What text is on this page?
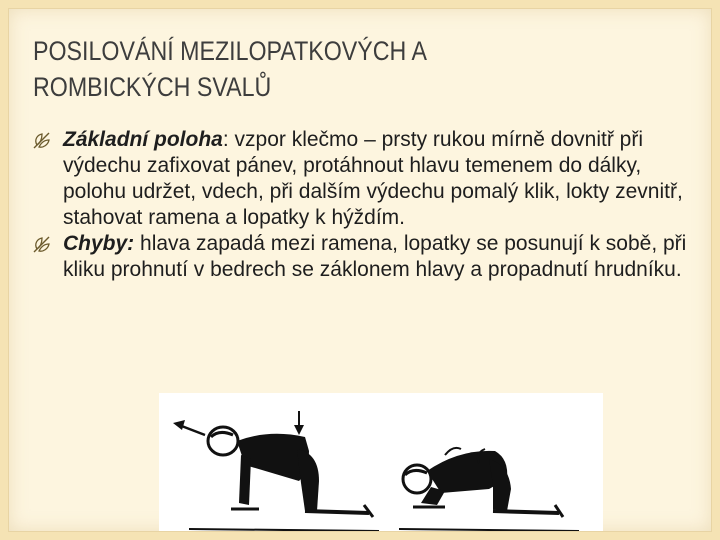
POSILOVÁNÍ MEZILOPATKOVÝCH A
ROMBICKÝCH SVALŮ

Základní poloha: vzpor klečmo – prsty rukou mírně dovnitř při výdechu zafixovat pánev, protáhnout hlavu temenem do dálky, polohu udržet, vdech, při dalším výdechu pomalý klik, lokty zevnitř, stahovat ramena a lopatky k hýždím.

Chyby: hlava zapadá mezi ramena, lopatky se posunují k sobě, při kliku prohnutí v bedrech se záklonem hlavy a propadnutí hrudníku.
